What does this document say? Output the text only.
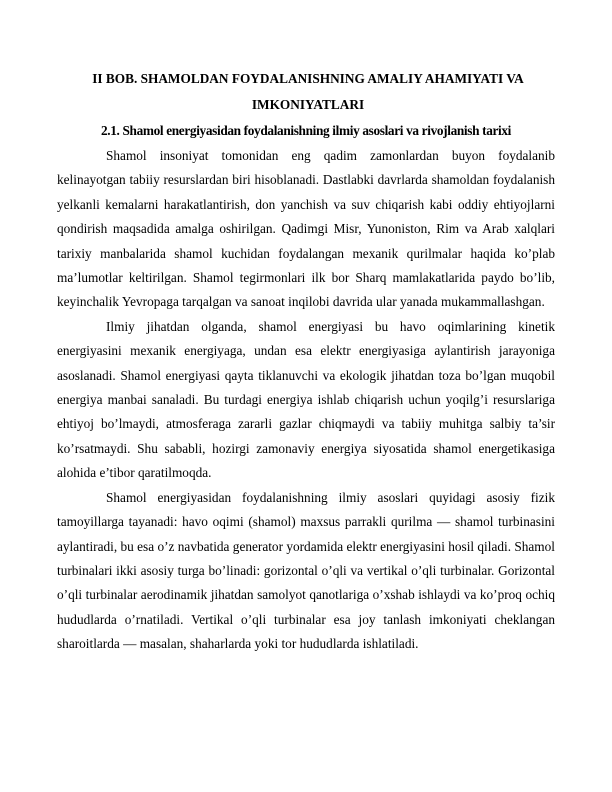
II BOB. SHAMOLDAN FOYDALANISHNING AMALIY AHAMIYATI VA IMKONIYATLARI

2.1. Shamol energiyasidan foydalanishning ilmiy asoslari va rivojlanish tarixi

Shamol insoniyat tomonidan eng qadim zamonlardan buyon foydalanib kelinayotgan tabiiy resurslardan biri hisoblanadi. Dastlabki davrlarda shamoldan foydalanish yelkanli kemalarni harakatlantirish, don yanchish va suv chiqarish kabi oddiy ehtiyojlarni qondirish maqsadida amalga oshirilgan. Qadimgi Misr, Yunoniston, Rim va Arab xalqlari tarixiy manbalarida shamol kuchidan foydalangan mexanik qurilmalar haqida ko’plab ma’lumotlar keltirilgan. Shamol tegirmonlari ilk bor Sharq mamlakatlarida paydo bo’lib, keyinchalik Yevropaga tarqalgan va sanoat inqilobi davrida ular yanada mukammallashgan.

Ilmiy jihatdan olganda, shamol energiyasi bu havo oqimlarining kinetik energiyasini mexanik energiyaga, undan esa elektr energiyasiga aylantirish jarayoniga asoslanadi. Shamol energiyasi qayta tiklanuvchi va ekologik jihatdan toza bo’lgan muqobil energiya manbai sanaladi. Bu turdagi energiya ishlab chiqarish uchun yoqilg’i resurslariga ehtiyoj bo’lmaydi, atmosferaga zararli gazlar chiqmaydi va tabiiy muhitga salbiy ta’sir ko’rsatmaydi. Shu sababli, hozirgi zamonaviy energiya siyosatida shamol energetikasiga alohida e’tibor qaratilmoqda.

Shamol energiyasidan foydalanishning ilmiy asoslari quyidagi asosiy fizik tamoyillarga tayanadi: havo oqimi (shamol) maxsus parrakli qurilma — shamol turbinasini aylantiradi, bu esa o’z navbatida generator yordamida elektr energiyasini hosil qiladi. Shamol turbinalari ikki asosiy turga bo’linadi: gorizontal o’qli va vertikal o’qli turbinalar. Gorizontal o’qli turbinalar aerodinamik jihatdan samolyot qanotlariga o’xshab ishlaydi va ko’proq ochiq hududlarda o’rnatiladi. Vertikal o’qli turbinalar esa joy tanlash imkoniyati cheklangan sharoitlarda — masalan, shaharlarda yoki tor hududlarda ishlatiladi.
